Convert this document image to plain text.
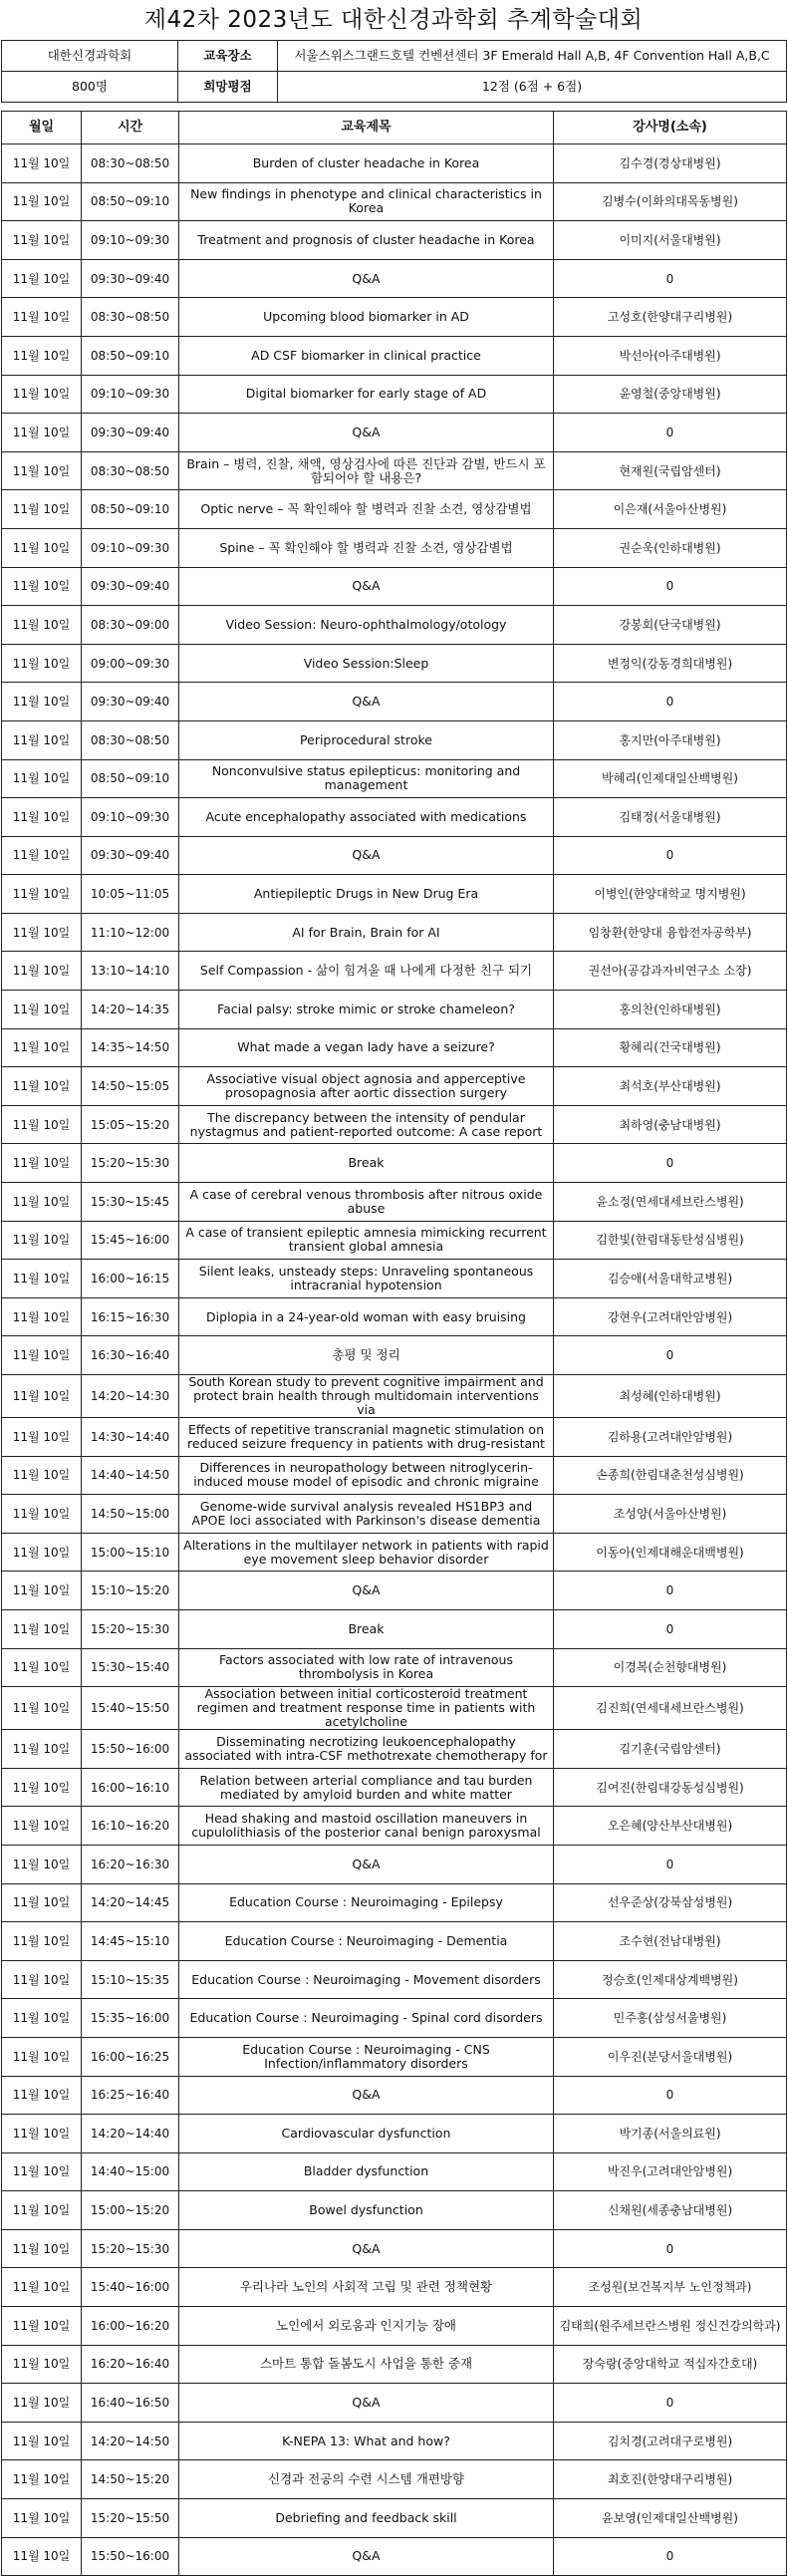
제42차 2023년도 대한신경과학회 추계학술대회
대한신경과학회	교육장소	서울스위스그랜드호텔 컨벤션센터 3F Emerald Hall A,B, 4F Convention Hall A,B,C
800명	희망평점	12점 (6점 + 6점)
월일	시간	교육제목	강사명(소속)
11월 10일	08:30~08:50	Burden of cluster headache in Korea	김수경(경상대병원)
11월 10일	08:50~09:10	New findings in phenotype and clinical characteristics in Korea	김병수(이화의대목동병원)
11월 10일	09:10~09:30	Treatment and prognosis of cluster headache in Korea	이미지(서울대병원)
11월 10일	09:30~09:40	Q&A	0
11월 10일	08:30~08:50	Upcoming blood biomarker in AD	고성호(한양대구리병원)
11월 10일	08:50~09:10	AD CSF biomarker in clinical practice	박선아(아주대병원)
11월 10일	09:10~09:30	Digital biomarker for early stage of AD	윤영철(중앙대병원)
11월 10일	09:30~09:40	Q&A	0
11월 10일	08:30~08:50	Brain – 병력, 진찰, 채액, 영상검사에 따른 진단과 감별, 반드시 포함되어야 할 내용은?	현재원(국립암센터)
11월 10일	08:50~09:10	Optic nerve – 꼭 확인해야 할 병력과 진찰 소견, 영상감별법	이은재(서울아산병원)
11월 10일	09:10~09:30	Spine – 꼭 확인해야 할 병력과 진찰 소견, 영상감별법	권순욱(인하대병원)
11월 10일	09:30~09:40	Q&A	0
11월 10일	08:30~09:00	Video Session: Neuro-ophthalmology/otology	강봉회(단국대병원)
11월 10일	09:00~09:30	Video Session:Sleep	변정익(강동경희대병원)
11월 10일	09:30~09:40	Q&A	0
11월 10일	08:30~08:50	Periprocedural stroke	홍지만(아주대병원)
11월 10일	08:50~09:10	Nonconvulsive status epilepticus: monitoring and management	박혜리(인제대일산백병원)
11월 10일	09:10~09:30	Acute encephalopathy associated with medications	김태정(서울대병원)
11월 10일	09:30~09:40	Q&A	0
11월 10일	10:05~11:05	Antiepileptic Drugs in New Drug Era	이병인(한양대학교 명지병원)
11월 10일	11:10~12:00	AI for Brain, Brain for AI	임창환(한양대 융합전자공학부)
11월 10일	13:10~14:10	Self Compassion - 삶이 힘겨울 때 나에게 다정한 친구 되기	권선아(공감과자비연구소 소장)
11월 10일	14:20~14:35	Facial palsy: stroke mimic or stroke chameleon?	홍의찬(인하대병원)
11월 10일	14:35~14:50	What made a vegan lady have a seizure?	황혜리(건국대병원)
11월 10일	14:50~15:05	Associative visual object agnosia and apperceptive prosopagnosia after aortic dissection surgery	최석호(부산대병원)
11월 10일	15:05~15:20	The discrepancy between the intensity of pendular nystagmus and patient-reported outcome: A case report	최하영(충남대병원)
11월 10일	15:20~15:30	Break	0
11월 10일	15:30~15:45	A case of cerebral venous thrombosis after nitrous oxide abuse	윤소정(연세대세브란스병원)
11월 10일	15:45~16:00	A case of transient epileptic amnesia mimicking recurrent transient global amnesia	김한빛(한림대동탄성심병원)
11월 10일	16:00~16:15	Silent leaks, unsteady steps: Unraveling spontaneous intracranial hypotension	김승애(서울대학교병원)
11월 10일	16:15~16:30	Diplopia in a 24-year-old woman with easy bruising	강현우(고려대안암병원)
11월 10일	16:30~16:40	총평 및 정리	0
11월 10일	14:20~14:30	South Korean study to prevent cognitive impairment and protect brain health through multidomain interventions via	최성혜(인하대병원)
11월 10일	14:30~14:40	Effects of repetitive transcranial magnetic stimulation on reduced seizure frequency in patients with drug-resistant	김하용(고려대안암병원)
11월 10일	14:40~14:50	Differences in neuropathology between nitroglycerin-induced mouse model of episodic and chronic migraine	손종희(한림대춘천성심병원)
11월 10일	14:50~15:00	Genome-wide survival analysis revealed HS1BP3 and APOE loci associated with Parkinson's disease dementia	조성양(서울아산병원)
11월 10일	15:00~15:10	Alterations in the multilayer network in patients with rapid eye movement sleep behavior disorder	이동아(인제대해운대백병원)
11월 10일	15:10~15:20	Q&A	0
11월 10일	15:20~15:30	Break	0
11월 10일	15:30~15:40	Factors associated with low rate of intravenous thrombolysis in Korea	이경복(순천향대병원)
11월 10일	15:40~15:50	Association between initial corticosteroid treatment regimen and treatment response time in patients with acetylcholine	김진희(연세대세브란스병원)
11월 10일	15:50~16:00	Disseminating necrotizing leukoencephalopathy associated with intra-CSF methotrexate chemotherapy for	김기훈(국립암센터)
11월 10일	16:00~16:10	Relation between arterial compliance and tau burden mediated by amyloid burden and white matter	김여진(한림대강동성심병원)
11월 10일	16:10~16:20	Head shaking and mastoid oscillation maneuvers in cupulolithiasis of the posterior canal benign paroxysmal	오은혜(양산부산대병원)
11월 10일	16:20~16:30	Q&A	0
11월 10일	14:20~14:45	Education Course : Neuroimaging - Epilepsy	선우준상(강북삼성병원)
11월 10일	14:45~15:10	Education Course : Neuroimaging - Dementia	조수현(전남대병원)
11월 10일	15:10~15:35	Education Course : Neuroimaging - Movement disorders	정승호(인제대상계백병원)
11월 10일	15:35~16:00	Education Course : Neuroimaging - Spinal cord disorders	민주홍(삼성서울병원)
11월 10일	16:00~16:25	Education Course : Neuroimaging - CNS Infection/inflammatory disorders	이우진(분당서울대병원)
11월 10일	16:25~16:40	Q&A	0
11월 10일	14:20~14:40	Cardiovascular dysfunction	박기종(서울의료원)
11월 10일	14:40~15:00	Bladder dysfunction	박진우(고려대안암병원)
11월 10일	15:00~15:20	Bowel dysfunction	신채원(세종충남대병원)
11월 10일	15:20~15:30	Q&A	0
11월 10일	15:40~16:00	우리나라 노인의 사회적 고립 및 관련 정책현황	조성원(보건복지부 노인정책과)
11월 10일	16:00~16:20	노인에서 외로움과 인지기능 장애	김태희(원주세브란스병원 정신건강의학과)
11월 10일	16:20~16:40	스마트 통합 돌봄도시 사업을 통한 중재	장숙랑(중앙대학교 적십자간호대)
11월 10일	16:40~16:50	Q&A	0
11월 10일	14:20~14:50	K-NEPA 13: What and how?	김치경(고려대구로병원)
11월 10일	14:50~15:20	신경과 전공의 수련 시스템 개편방향	최호진(한양대구리병원)
11월 10일	15:20~15:50	Debriefing and feedback skill	윤보영(인제대일산백병원)
11월 10일	15:50~16:00	Q&A	0
